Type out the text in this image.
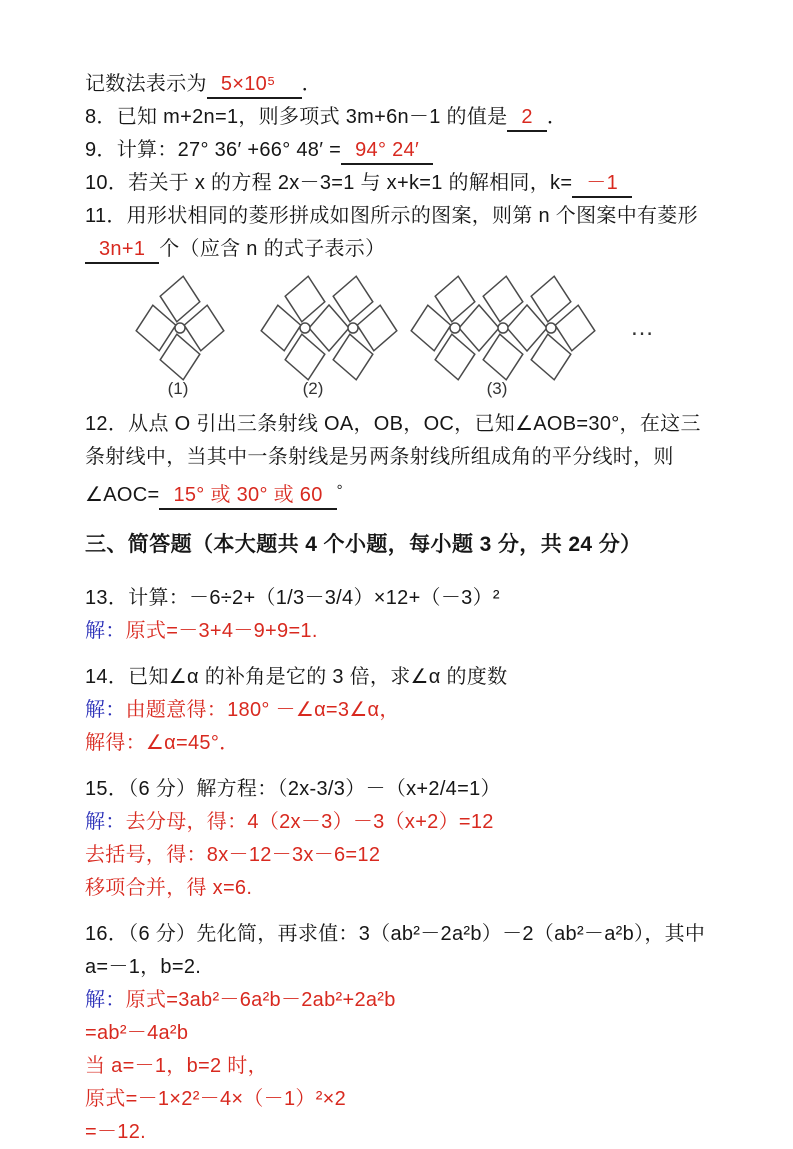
记数法表示为 5×10⁵ ．

8．已知 m+2n=1，则多项式 3m+6n－1 的值是 2 ．

9．计算：27° 36′ +66° 48′ = 94° 24′

10．若关于 x 的方程 2x－3=1 与 x+k=1 的解相同，k= －1

11．用形状相同的菱形拼成如图所示的图案，则第 n 个图案中有菱形3n+1 个（应含 n 的式子表示）

(1)	(2)	(3)
…

12．从点 O 引出三条射线 OA，OB，OC，已知∠AOB=30°，在这三条射线中，当其中一条射线是另两条射线所组成角的平分线时，则∠AOC= 15° 或 30° 或 60 °

三、简答题（本大题共 4 个小题，每小题 3 分，共 24 分）

13．计算：－6÷2+（1/3－3/4）×12+（－3）²

解：原式=－3+4－9+9=1.

14．已知∠α 的补角是它的 3 倍，求∠α 的度数

解：由题意得：180° －∠α=3∠α，

解得：∠α=45°．

15．（6 分）解方程：（2x-3/3）－（x+2/4=1）

解：去分母，得：4（2x－3）－3（x+2）=12

去括号，得：8x－12－3x－6=12

移项合并，得 x=6.

16．（6 分）先化简，再求值：3（ab²－2a²b）－2（ab²－a²b），其中 a=－1，b=2.

解：原式=3ab²－6a²b－2ab²+2a²b

=ab²－4a²b

当 a=－1，b=2 时，

原式=－1×2²－4×（－1）²×2

=－12.
